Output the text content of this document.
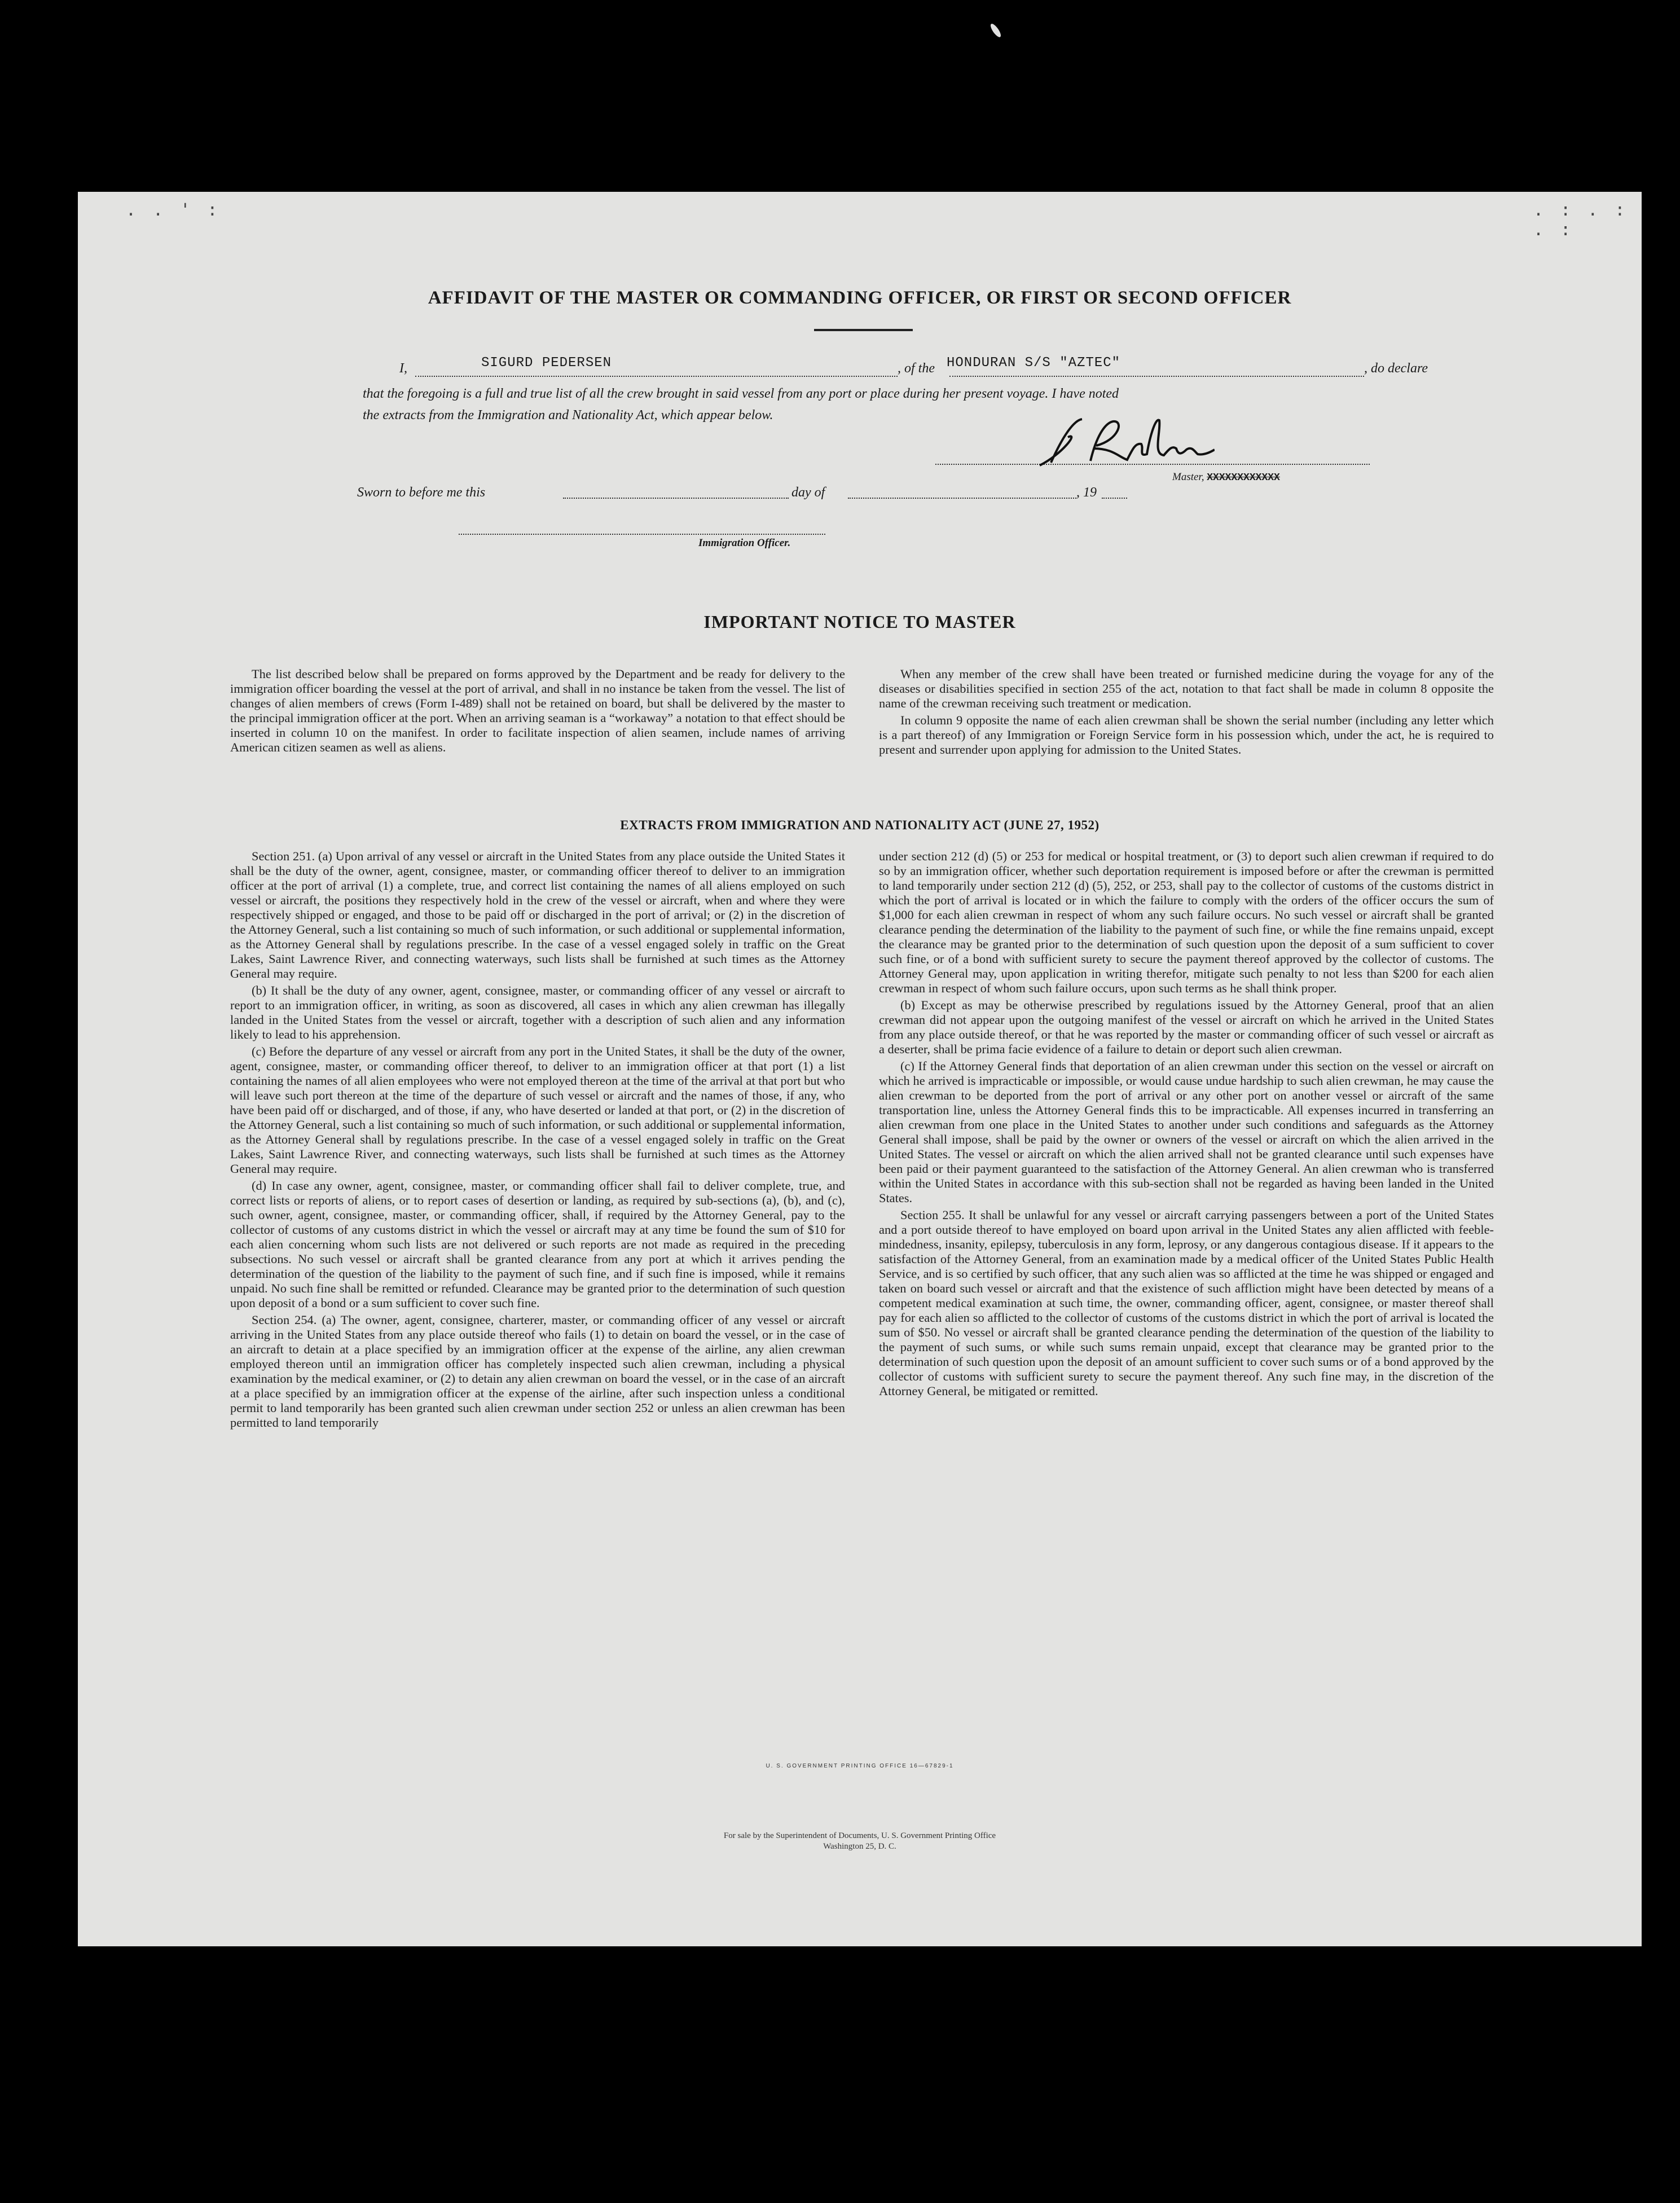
. . ' :	. : . : . :
AFFIDAVIT OF THE MASTER OR COMMANDING OFFICER, OR FIRST OR SECOND OFFICER
I,	SIGURD PEDERSEN	, of the HONDURAN S/S "AZTEC"	, do declare
that the foregoing is a full and true list of all the crew brought in said vessel from any port or place during her present voyage. I have noted
the extracts from the Immigration and Nationality Act, which appear below.
Master, XXXXXXXXXXXX
Sworn to before me this	day of	, 19
Immigration Officer.
IMPORTANT NOTICE TO MASTER

The list described below shall be prepared on forms approved by the Department and be ready for delivery to the immigration officer boarding the vessel at the port of arrival, and shall in no instance be taken from the vessel. The list of changes of alien members of crews (Form I-489) shall not be retained on board, but shall be delivered by the master to the principal immigration officer at the port. When an arriving seaman is a “workaway” a notation to that effect should be inserted in column 10 on the manifest. In order to facilitate inspection of alien seamen, include names of arriving American citizen seamen as well as aliens.

When any member of the crew shall have been treated or furnished medicine during the voyage for any of the diseases or disabilities specified in section 255 of the act, notation to that fact shall be made in column 8 opposite the name of the crewman receiving such treatment or medication.

In column 9 opposite the name of each alien crewman shall be shown the serial number (including any letter which is a part thereof) of any Immigration or Foreign Service form in his possession which, under the act, he is required to present and surrender upon applying for admission to the United States.

EXTRACTS FROM IMMIGRATION AND NATIONALITY ACT (JUNE 27, 1952)

Section 251. (a) Upon arrival of any vessel or aircraft in the United States from any place outside the United States it shall be the duty of the owner, agent, consignee, master, or commanding officer thereof to deliver to an immigration officer at the port of arrival (1) a complete, true, and correct list containing the names of all aliens employed on such vessel or aircraft, the positions they respectively hold in the crew of the vessel or aircraft, when and where they were respectively shipped or engaged, and those to be paid off or discharged in the port of arrival; or (2) in the discretion of the Attorney General, such a list containing so much of such information, or such additional or supplemental information, as the Attorney General shall by regulations prescribe. In the case of a vessel engaged solely in traffic on the Great Lakes, Saint Lawrence River, and connecting waterways, such lists shall be furnished at such times as the Attorney General may require.

(b) It shall be the duty of any owner, agent, consignee, master, or commanding officer of any vessel or aircraft to report to an immigration officer, in writing, as soon as discovered, all cases in which any alien crewman has illegally landed in the United States from the vessel or aircraft, together with a description of such alien and any information likely to lead to his apprehension.

(c) Before the departure of any vessel or aircraft from any port in the United States, it shall be the duty of the owner, agent, consignee, master, or commanding officer thereof, to deliver to an immigration officer at that port (1) a list containing the names of all alien employees who were not employed thereon at the time of the arrival at that port but who will leave such port thereon at the time of the departure of such vessel or aircraft and the names of those, if any, who have been paid off or discharged, and of those, if any, who have deserted or landed at that port, or (2) in the discretion of the Attorney General, such a list containing so much of such information, or such additional or supplemental information, as the Attorney General shall by regulations prescribe. In the case of a vessel engaged solely in traffic on the Great Lakes, Saint Lawrence River, and connecting waterways, such lists shall be furnished at such times as the Attorney General may require.

(d) In case any owner, agent, consignee, master, or commanding officer shall fail to deliver complete, true, and correct lists or reports of aliens, or to report cases of desertion or landing, as required by sub-sections (a), (b), and (c), such owner, agent, consignee, master, or commanding officer, shall, if required by the Attorney General, pay to the collector of customs of any customs district in which the vessel or aircraft may at any time be found the sum of $10 for each alien concerning whom such lists are not delivered or such reports are not made as required in the preceding subsections. No such vessel or aircraft shall be granted clearance from any port at which it arrives pending the determination of the question of the liability to the payment of such fine, and if such fine is imposed, while it remains unpaid. No such fine shall be remitted or refunded. Clearance may be granted prior to the determination of such question upon deposit of a bond or a sum sufficient to cover such fine.

Section 254. (a) The owner, agent, consignee, charterer, master, or commanding officer of any vessel or aircraft arriving in the United States from any place outside thereof who fails (1) to detain on board the vessel, or in the case of an aircraft to detain at a place specified by an immigration officer at the expense of the airline, any alien crewman employed thereon until an immigration officer has completely inspected such alien crewman, including a physical examination by the medical examiner, or (2) to detain any alien crewman on board the vessel, or in the case of an aircraft at a place specified by an immigration officer at the expense of the airline, after such inspection unless a conditional permit to land temporarily has been granted such alien crewman under section 252 or unless an alien crewman has been permitted to land temporarily

under section 212 (d) (5) or 253 for medical or hospital treatment, or (3) to deport such alien crewman if required to do so by an immigration officer, whether such deportation requirement is imposed before or after the crewman is permitted to land temporarily under section 212 (d) (5), 252, or 253, shall pay to the collector of customs of the customs district in which the port of arrival is located or in which the failure to comply with the orders of the officer occurs the sum of $1,000 for each alien crewman in respect of whom any such failure occurs. No such vessel or aircraft shall be granted clearance pending the determination of the liability to the payment of such fine, or while the fine remains unpaid, except the clearance may be granted prior to the determination of such question upon the deposit of a sum sufficient to cover such fine, or of a bond with sufficient surety to secure the payment thereof approved by the collector of customs. The Attorney General may, upon application in writing therefor, mitigate such penalty to not less than $200 for each alien crewman in respect of whom such failure occurs, upon such terms as he shall think proper.

(b) Except as may be otherwise prescribed by regulations issued by the Attorney General, proof that an alien crewman did not appear upon the outgoing manifest of the vessel or aircraft on which he arrived in the United States from any place outside thereof, or that he was reported by the master or commanding officer of such vessel or aircraft as a deserter, shall be prima facie evidence of a failure to detain or deport such alien crewman.

(c) If the Attorney General finds that deportation of an alien crewman under this section on the vessel or aircraft on which he arrived is impracticable or impossible, or would cause undue hardship to such alien crewman, he may cause the alien crewman to be deported from the port of arrival or any other port on another vessel or aircraft of the same transportation line, unless the Attorney General finds this to be impracticable. All expenses incurred in transferring an alien crewman from one place in the United States to another under such conditions and safeguards as the Attorney General shall impose, shall be paid by the owner or owners of the vessel or aircraft on which the alien arrived in the United States. The vessel or aircraft on which the alien arrived shall not be granted clearance until such expenses have been paid or their payment guaranteed to the satisfaction of the Attorney General. An alien crewman who is transferred within the United States in accordance with this sub-section shall not be regarded as having been landed in the United States.

Section 255. It shall be unlawful for any vessel or aircraft carrying passengers between a port of the United States and a port outside thereof to have employed on board upon arrival in the United States any alien afflicted with feeble-mindedness, insanity, epilepsy, tuberculosis in any form, leprosy, or any dangerous contagious disease. If it appears to the satisfaction of the Attorney General, from an examination made by a medical officer of the United States Public Health Service, and is so certified by such officer, that any such alien was so afflicted at the time he was shipped or engaged and taken on board such vessel or aircraft and that the existence of such affliction might have been detected by means of a competent medical examination at such time, the owner, commanding officer, agent, consignee, or master thereof shall pay for each alien so afflicted to the collector of customs of the customs district in which the port of arrival is located the sum of $50. No vessel or aircraft shall be granted clearance pending the determination of the question of the liability to the payment of such sums, or while such sums remain unpaid, except that clearance may be granted prior to the determination of such question upon the deposit of an amount sufficient to cover such sums or of a bond approved by the collector of customs with sufficient surety to secure the payment thereof. Any such fine may, in the discretion of the Attorney General, be mitigated or remitted.

U. S. GOVERNMENT PRINTING OFFICE 16—67829-1
For sale by the Superintendent of Documents, U. S. Government Printing Office
Washington 25, D. C.
